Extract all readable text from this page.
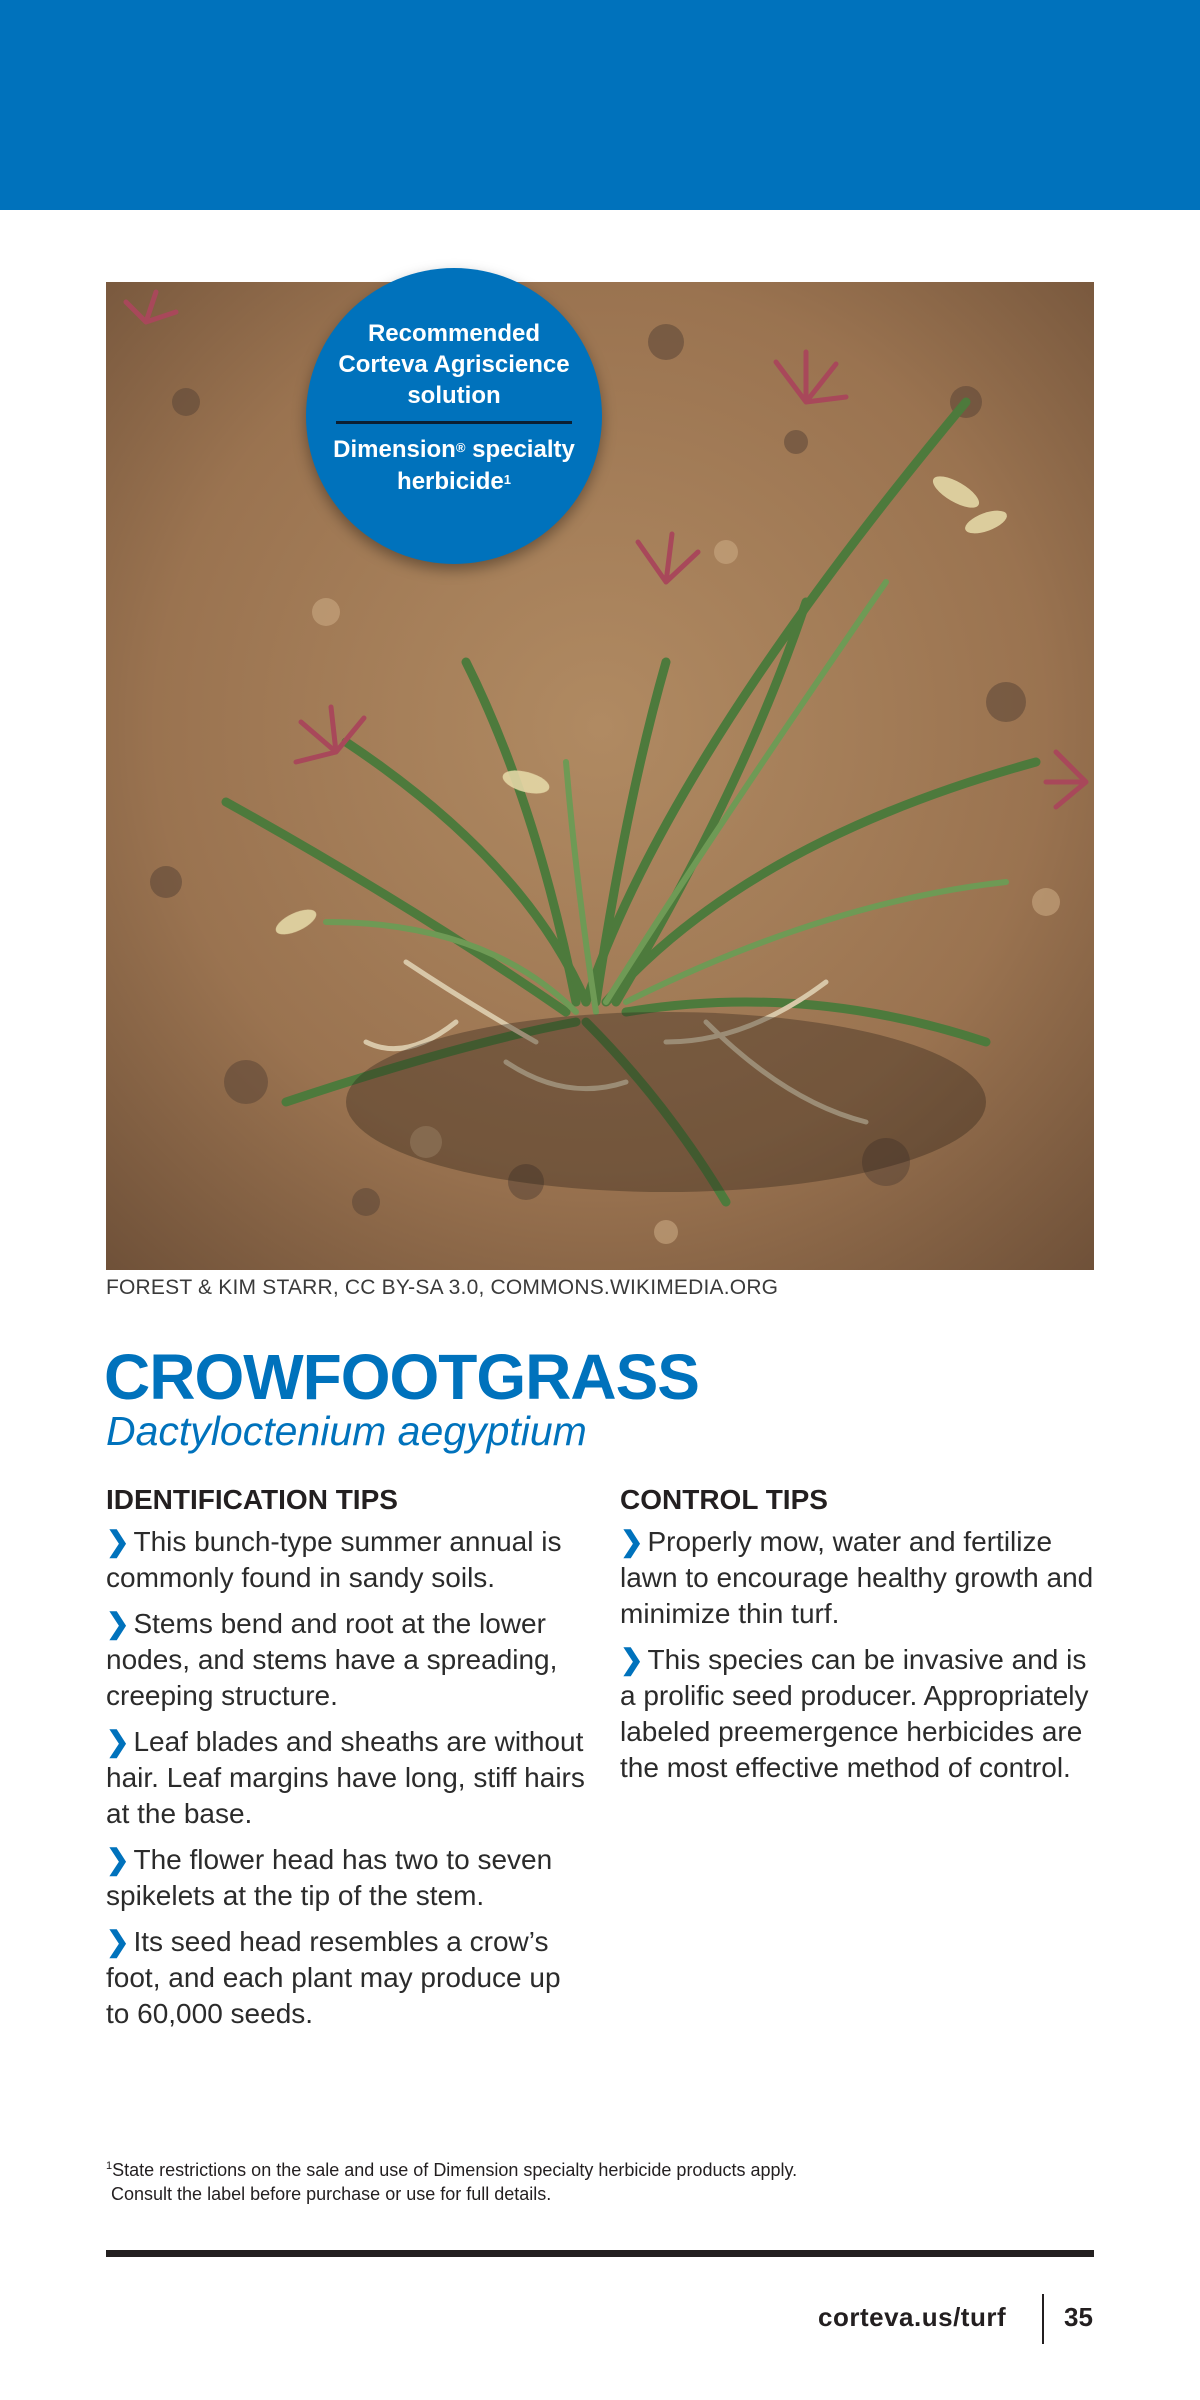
Recommended Corteva Agriscience solution
Dimension® specialty herbicide$^1$
FOREST & KIM STARR, CC BY-SA 3.0, COMMONS.WIKIMEDIA.ORG
CROWFOOTGRASS
Dactyloctenium aegyptium
IDENTIFICATION TIPS

❯ This bunch-type summer annual is commonly found in sandy soils.

❯ Stems bend and root at the lower nodes, and stems have a spreading, creeping structure.

❯ Leaf blades and sheaths are without hair. Leaf margins have long, stiff hairs at the base.

❯ The flower head has two to seven spikelets at the tip of the stem.

❯ Its seed head resembles a crow’s foot, and each plant may produce up to 60,000 seeds.

CONTROL TIPS

❯ Properly mow, water and fertilize lawn to encourage healthy growth and minimize thin turf.

❯ This species can be invasive and is a prolific seed producer. Appropriately labeled preemergence herbicides are the most effective method of control.

$^1$State restrictions on the sale and use of Dimension specialty herbicide products apply.
Consult the label before purchase or use for full details.
corteva.us/turf 35
